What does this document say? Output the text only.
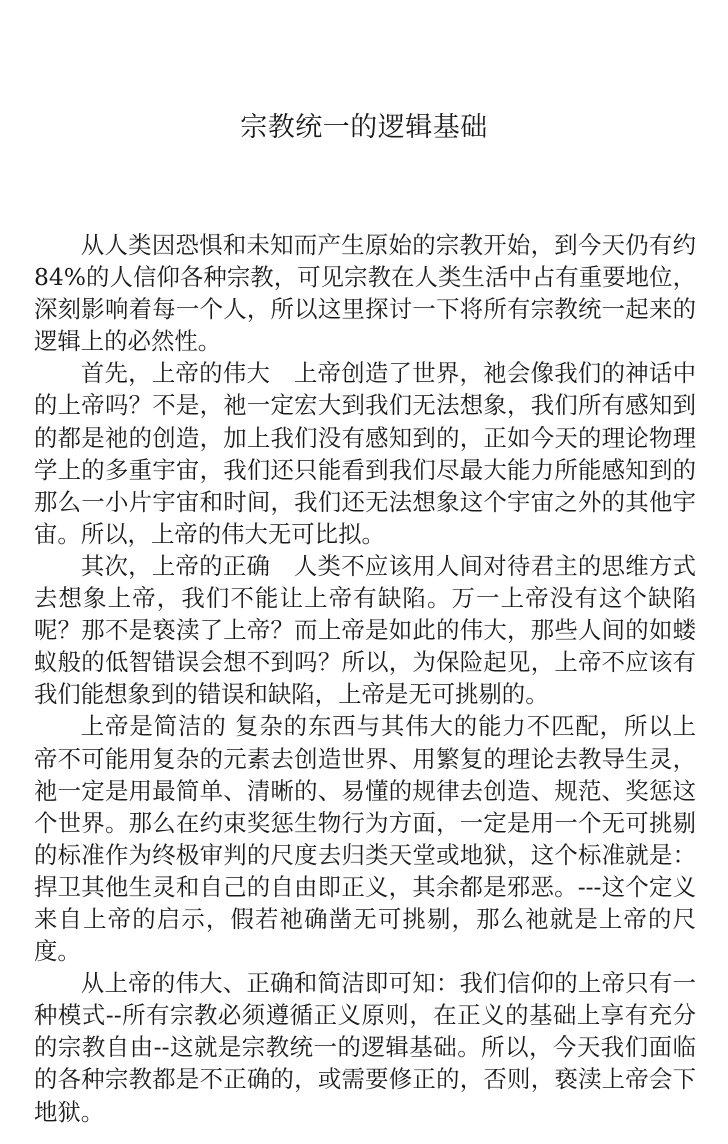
宗教统一的逻辑基础

从人类因恐惧和未知而产生原始的宗教开始，到今天仍有约84%的人信仰各种宗教，可见宗教在人类生活中占有重要地位，深刻影响着每一个人，所以这里探讨一下将所有宗教统一起来的逻辑上的必然性。

首先，上帝的伟大　上帝创造了世界，祂会像我们的神话中的上帝吗？不是，祂一定宏大到我们无法想象，我们所有感知到的都是祂的创造，加上我们没有感知到的，正如今天的理论物理学上的多重宇宙，我们还只能看到我们尽最大能力所能感知到的那么一小片宇宙和时间，我们还无法想象这个宇宙之外的其他宇宙。所以，上帝的伟大无可比拟。

其次，上帝的正确　人类不应该用人间对待君主的思维方式去想象上帝，我们不能让上帝有缺陷。万一上帝没有这个缺陷呢？那不是亵渎了上帝？而上帝是如此的伟大，那些人间的如蝼蚁般的低智错误会想不到吗？所以，为保险起见，上帝不应该有我们能想象到的错误和缺陷，上帝是无可挑剔的。

上帝是简洁的 复杂的东西与其伟大的能力不匹配，所以上帝不可能用复杂的元素去创造世界、用繁复的理论去教导生灵，祂一定是用最简单、清晰的、易懂的规律去创造、规范、奖惩这个世界。那么在约束奖惩生物行为方面，一定是用一个无可挑剔的标准作为终极审判的尺度去归类天堂或地狱，这个标准就是：捍卫其他生灵和自己的自由即正义，其余都是邪恶。---这个定义来自上帝的启示，假若祂确凿无可挑剔，那么祂就是上帝的尺度。

从上帝的伟大、正确和简洁即可知：我们信仰的上帝只有一种模式--所有宗教必须遵循正义原则，在正义的基础上享有充分的宗教自由--这就是宗教统一的逻辑基础。所以，今天我们面临的各种宗教都是不正确的，或需要修正的，否则，亵渎上帝会下地狱。
